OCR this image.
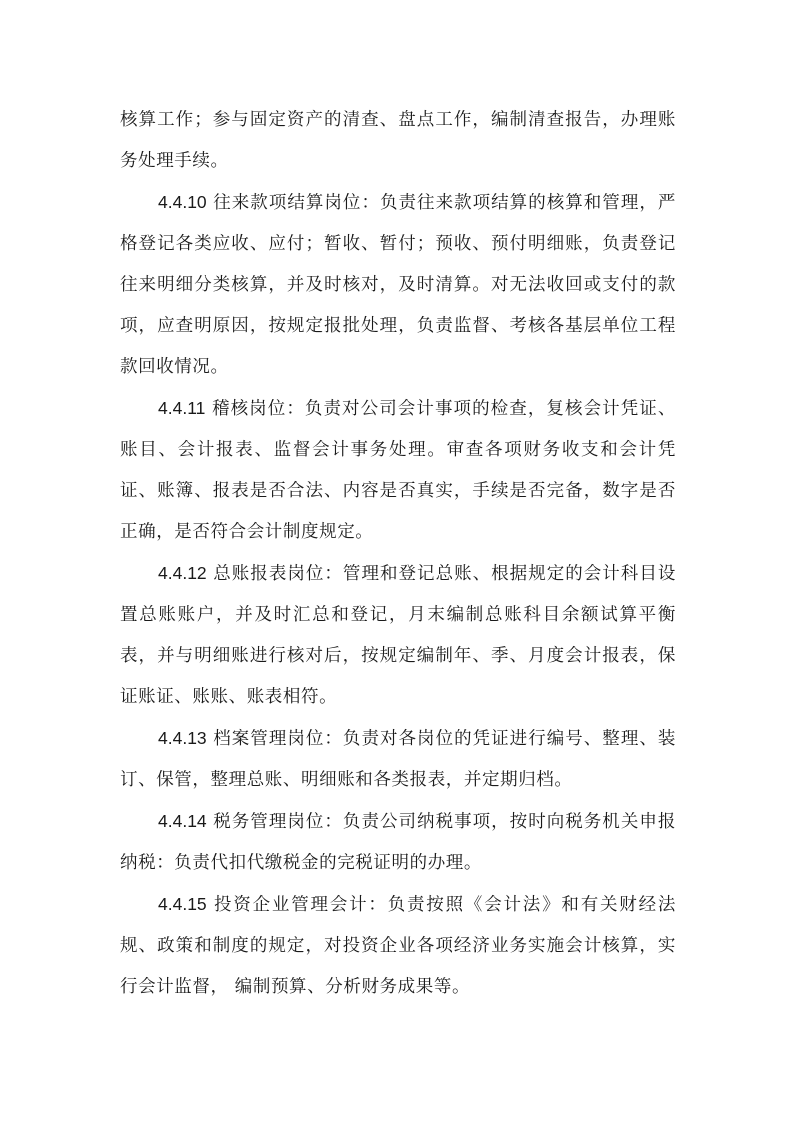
核算工作；参与固定资产的清查、盘点工作，编制清查报告，办理账务处理手续。

4.4.10 往来款项结算岗位：负责往来款项结算的核算和管理，严格登记各类应收、应付；暂收、暂付；预收、预付明细账，负责登记往来明细分类核算，并及时核对，及时清算。对无法收回或支付的款项，应查明原因，按规定报批处理，负责监督、考核各基层单位工程款回收情况。

4.4.11 稽核岗位：负责对公司会计事项的检查，复核会计凭证、账目、会计报表、监督会计事务处理。审查各项财务收支和会计凭证、账簿、报表是否合法、内容是否真实，手续是否完备，数字是否正确，是否符合会计制度规定。

4.4.12 总账报表岗位：管理和登记总账、根据规定的会计科目设置总账账户，并及时汇总和登记，月末编制总账科目余额试算平衡表，并与明细账进行核对后，按规定编制年、季、月度会计报表，保证账证、账账、账表相符。

4.4.13 档案管理岗位：负责对各岗位的凭证进行编号、整理、装订、保管，整理总账、明细账和各类报表，并定期归档。

4.4.14 税务管理岗位：负责公司纳税事项，按时向税务机关申报纳税：负责代扣代缴税金的完税证明的办理。

4.4.15 投资企业管理会计：负责按照《会计法》和有关财经法规、政策和制度的规定，对投资企业各项经济业务实施会计核算，实行会计监督， 编制预算、分析财务成果等。
